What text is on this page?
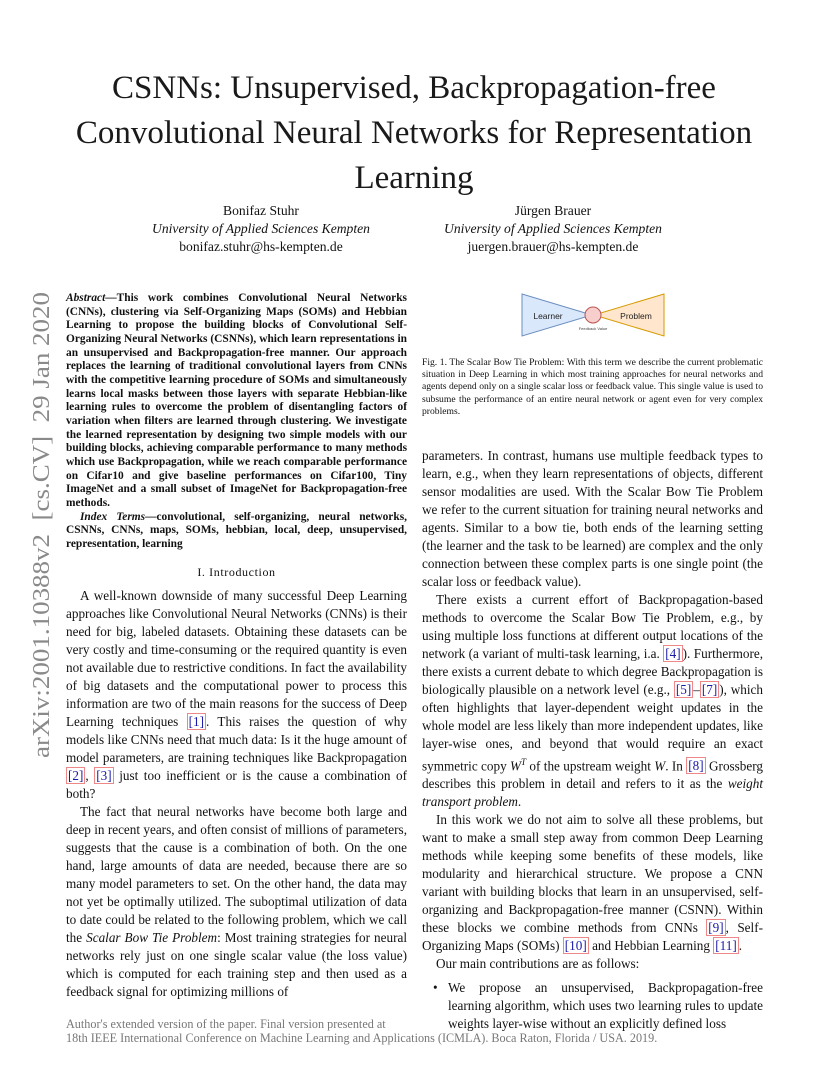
CSNNs: Unsupervised, Backpropagation-free Convolutional Neural Networks for Representation Learning
Bonifaz Stuhr
University of Applied Sciences Kempten
bonifaz.stuhr@hs-kempten.de
Jürgen Brauer
University of Applied Sciences Kempten
juergen.brauer@hs-kempten.de
arXiv:2001.10388v2  [cs.CV]  29 Jan 2020
Abstract—This work combines Convolutional Neural Networks (CNNs), clustering via Self-Organizing Maps (SOMs) and Hebbian Learning to propose the building blocks of Convolutional Self-Organizing Neural Networks (CSNNs), which learn representations in an unsupervised and Backpropagation-free manner. Our approach replaces the learning of traditional convolutional layers from CNNs with the competitive learning procedure of SOMs and simultaneously learns local masks between those layers with separate Hebbian-like learning rules to overcome the problem of disentangling factors of variation when filters are learned through clustering. We investigate the learned representation by designing two simple models with our building blocks, achieving comparable performance to many methods which use Backpropagation, while we reach comparable performance on Cifar10 and give baseline performances on Cifar100, Tiny ImageNet and a small subset of ImageNet for Backpropagation-free methods.
Index Terms—convolutional, self-organizing, neural networks, CSNNs, CNNs, maps, SOMs, hebbian, local, deep, unsupervised, representation, learning
I. Introduction

A well-known downside of many successful Deep Learning approaches like Convolutional Neural Networks (CNNs) is their need for big, labeled datasets. Obtaining these datasets can be very costly and time-consuming or the required quantity is even not available due to restrictive conditions. In fact the availability of big datasets and the computational power to process this information are two of the main reasons for the success of Deep Learning techniques [1] . This raises the question of why models like CNNs need that much data: Is it the huge amount of model parameters, are training techniques like Backpropagation [2] , [3] just too inefficient or is the cause a combination of both?

The fact that neural networks have become both large and deep in recent years, and often consist of millions of parameters, suggests that the cause is a combination of both. On the one hand, large amounts of data are needed, because there are so many model parameters to set. On the other hand, the data may not yet be optimally utilized. The suboptimal utilization of data to date could be related to the following problem, which we call the Scalar Bow Tie Problem: Most training strategies for neural networks rely just on one single scalar value (the loss value) which is computed for each training step and then used as a feedback signal for optimizing millions of

Learner	Problem
Feedback Value
Fig. 1. The Scalar Bow Tie Problem: With this term we describe the current problematic situation in Deep Learning in which most training approaches for neural networks and agents depend only on a single scalar loss or feedback value. This single value is used to subsume the performance of an entire neural network or agent even for very complex problems.

parameters. In contrast, humans use multiple feedback types to learn, e.g., when they learn representations of objects, different sensor modalities are used. With the Scalar Bow Tie Problem we refer to the current situation for training neural networks and agents. Similar to a bow tie, both ends of the learning setting (the learner and the task to be learned) are complex and the only connection between these complex parts is one single point (the scalar loss or feedback value).

There exists a current effort of Backpropagation-based methods to overcome the Scalar Bow Tie Problem, e.g., by using multiple loss functions at different output locations of the network (a variant of multi-task learning, i.a. [4] ). Furthermore, there exists a current debate to which degree Backpropagation is biologically plausible on a network level (e.g., [5] – [7] ), which often highlights that layer-dependent weight updates in the whole model are less likely than more independent updates, like layer-wise ones, and beyond that would require an exact symmetric copy $W^T$ of the upstream weight W. In [8] Grossberg describes this problem in detail and refers to it as the weight transport problem.

In this work we do not aim to solve all these problems, but want to make a small step away from common Deep Learning methods while keeping some benefits of these models, like modularity and hierarchical structure. We propose a CNN variant with building blocks that learn in an unsupervised, self-organizing and Backpropagation-free manner (CSNN). Within these blocks we combine methods from CNNs [9] , Self-Organizing Maps (SOMs) [10] and Hebbian Learning [11] .

Our main contributions are as follows:

• We propose an unsupervised, Backpropagation-free learning algorithm, which uses two learning rules to update weights layer-wise without an explicitly defined loss
Author's extended version of the paper. Final version presented at
18th IEEE International Conference on Machine Learning and Applications (ICMLA). Boca Raton, Florida / USA. 2019.
